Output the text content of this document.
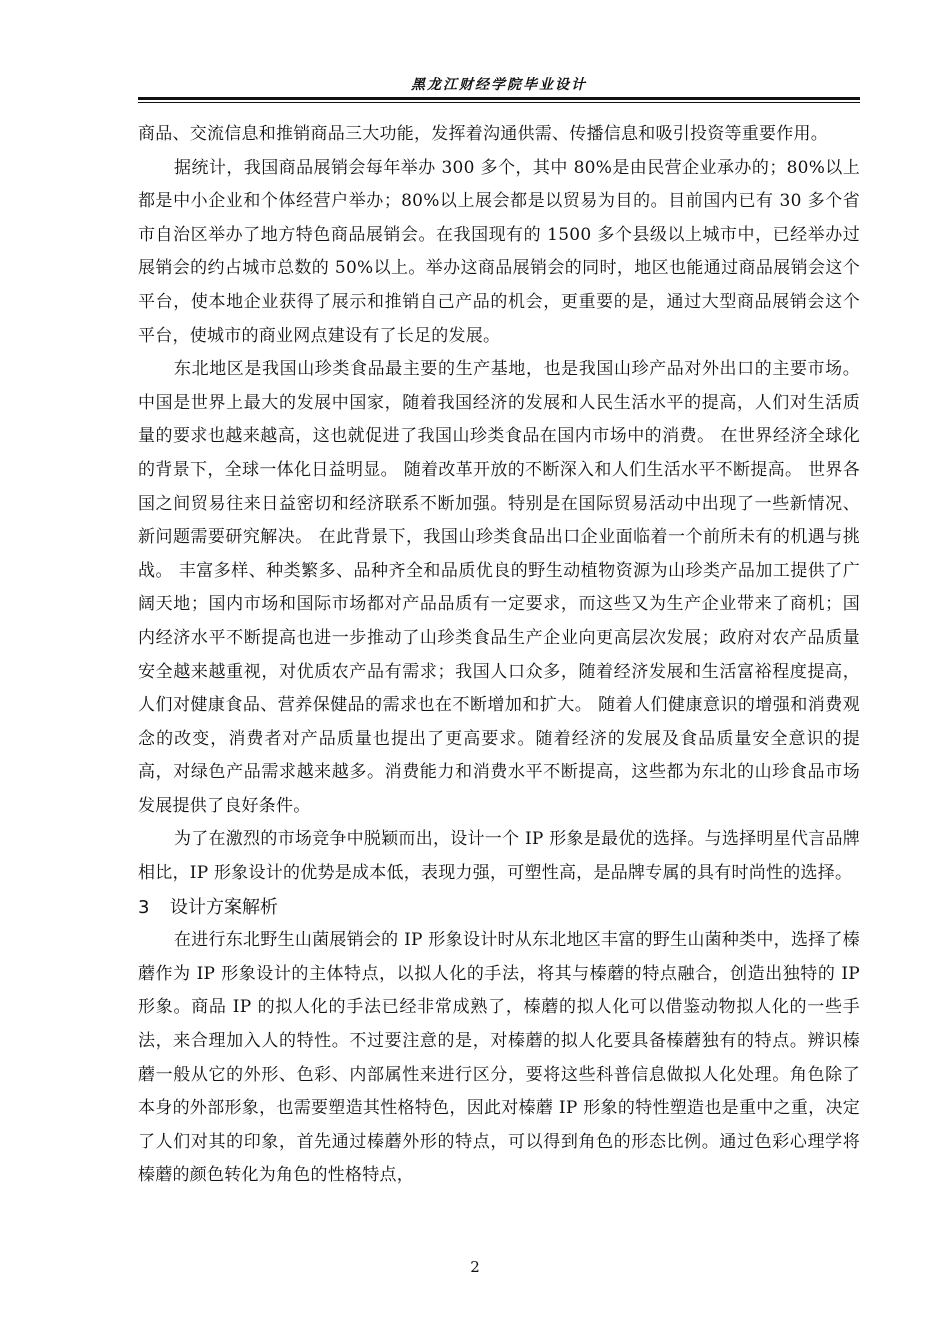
黑龙江财经学院毕业设计

商品、交流信息和推销商品三大功能，发挥着沟通供需、传播信息和吸引投资等重要作用。

据统计，我国商品展销会每年举办 300 多个，其中 80%是由民营企业承办的；80%以上都是中小企业和个体经营户举办；80%以上展会都是以贸易为目的。目前国内已有 30 多个省市自治区举办了地方特色商品展销会。在我国现有的 1500 多个县级以上城市中，已经举办过展销会的约占城市总数的 50%以上。举办这商品展销会的同时，地区也能通过商品展销会这个平台，使本地企业获得了展示和推销自己产品的机会，更重要的是，通过大型商品展销会这个平台，使城市的商业网点建设有了长足的发展。

东北地区是我国山珍类食品最主要的生产基地，也是我国山珍产品对外出口的主要市场。 中国是世界上最大的发展中国家，随着我国经济的发展和人民生活水平的提高，人们对生活质量的要求也越来越高，这也就促进了我国山珍类食品在国内市场中的消费。 在世界经济全球化的背景下，全球一体化日益明显。 随着改革开放的不断深入和人们生活水平不断提高。 世界各国之间贸易往来日益密切和经济联系不断加强。特别是在国际贸易活动中出现了一些新情况、新问题需要研究解决。 在此背景下，我国山珍类食品出口企业面临着一个前所未有的机遇与挑战。 丰富多样、种类繁多、品种齐全和品质优良的野生动植物资源为山珍类产品加工提供了广阔天地；国内市场和国际市场都对产品品质有一定要求，而这些又为生产企业带来了商机；国内经济水平不断提高也进一步推动了山珍类食品生产企业向更高层次发展；政府对农产品质量安全越来越重视，对优质农产品有需求；我国人口众多，随着经济发展和生活富裕程度提高，人们对健康食品、营养保健品的需求也在不断增加和扩大。 随着人们健康意识的增强和消费观念的改变，消费者对产品质量也提出了更高要求。随着经济的发展及食品质量安全意识的提高，对绿色产品需求越来越多。消费能力和消费水平不断提高，这些都为东北的山珍食品市场发展提供了良好条件。

为了在激烈的市场竞争中脱颖而出，设计一个 IP 形象是最优的选择。与选择明星代言品牌相比，IP 形象设计的优势是成本低，表现力强，可塑性高，是品牌专属的具有时尚性的选择。

3 设计方案解析

在进行东北野生山菌展销会的 IP 形象设计时从东北地区丰富的野生山菌种类中，选择了榛蘑作为 IP 形象设计的主体特点，以拟人化的手法，将其与榛蘑的特点融合，创造出独特的 IP 形象。商品 IP 的拟人化的手法已经非常成熟了，榛蘑的拟人化可以借鉴动物拟人化的一些手法，来合理加入人的特性。不过要注意的是，对榛蘑的拟人化要具备榛蘑独有的特点。辨识榛蘑一般从它的外形、色彩、内部属性来进行区分，要将这些科普信息做拟人化处理。角色除了本身的外部形象，也需要塑造其性格特色，因此对榛蘑 IP 形象的特性塑造也是重中之重，决定了人们对其的印象，首先通过榛蘑外形的特点，可以得到角色的形态比例。通过色彩心理学将榛蘑的颜色转化为角色的性格特点，

2
